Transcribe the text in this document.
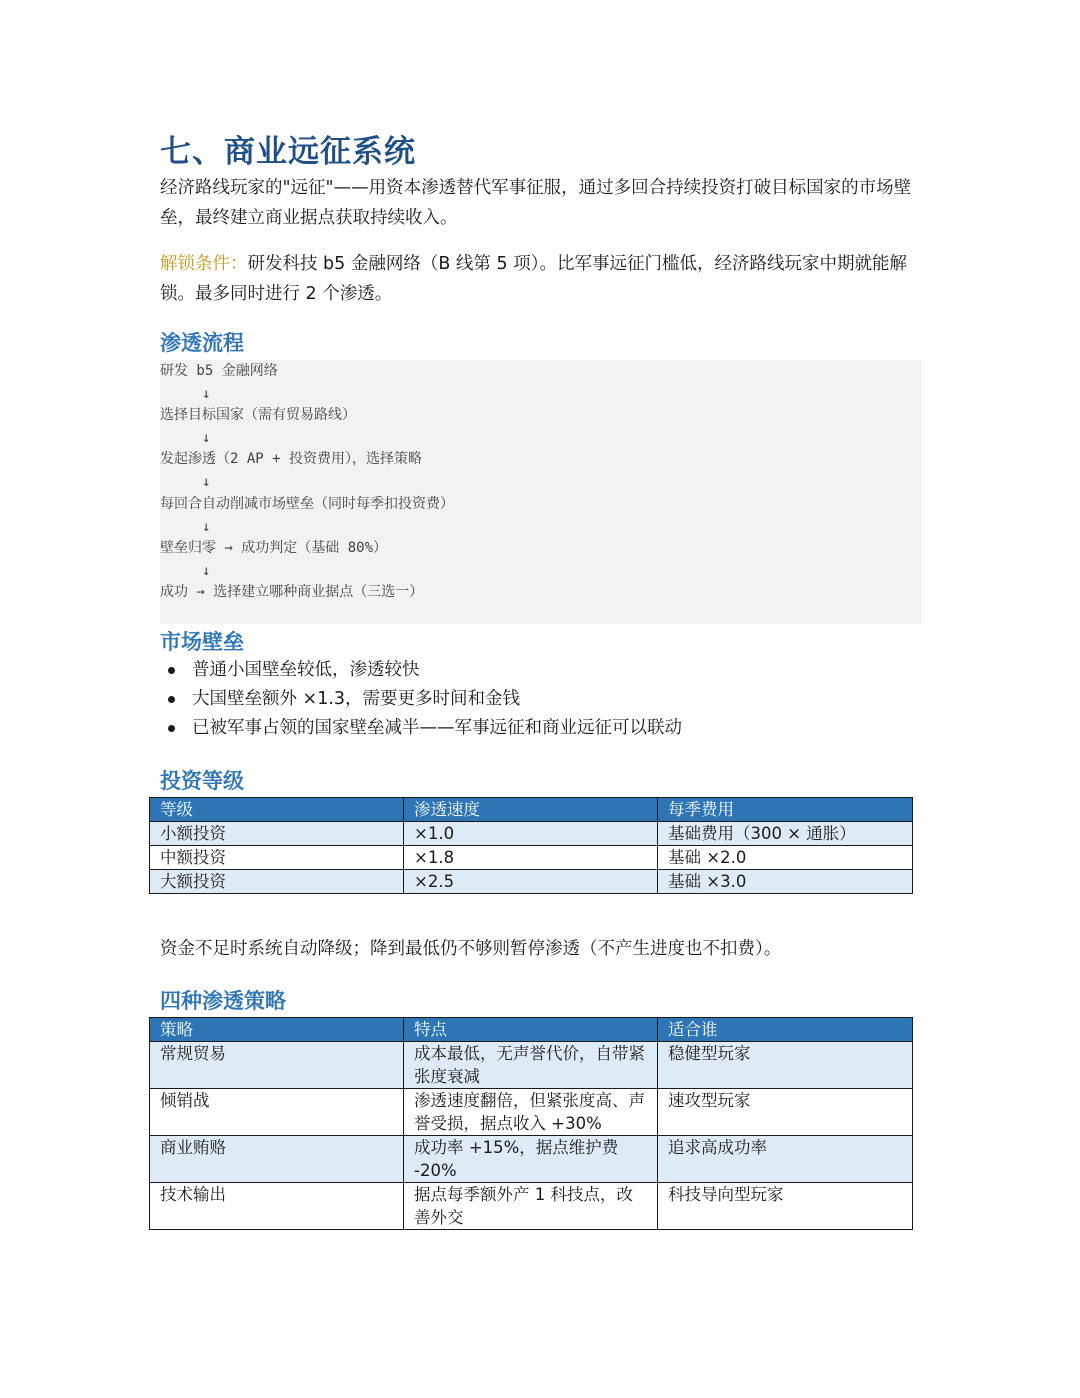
七、商业远征系统

经济路线玩家的"远征"——用资本渗透替代军事征服，通过多回合持续投资打破目标国家的市场壁垒，最终建立商业据点获取持续收入。

解锁条件：研发科技 b5 金融网络（B 线第 5 项）。比军事远征门槛低，经济路线玩家中期就能解锁。最多同时进行 2 个渗透。

渗透流程
研发 b5 金融网络
↓
选择目标国家（需有贸易路线）
↓
发起渗透（2 AP + 投资费用），选择策略
↓
每回合自动削减市场壁垒（同时每季扣投资费）
↓
壁垒归零 → 成功判定（基础 80%）
↓
成功 → 选择建立哪种商业据点（三选一）
市场壁垒
普通小国壁垒较低，渗透较快
大国壁垒额外 ×1.3，需要更多时间和金钱
已被军事占领的国家壁垒减半——军事远征和商业远征可以联动
投资等级
等级	渗透速度	每季费用
小额投资	×1.0	基础费用（300 × 通胀）
中额投资	×1.8	基础 ×2.0
大额投资	×2.5	基础 ×3.0

资金不足时系统自动降级；降到最低仍不够则暂停渗透（不产生进度也不扣费）。

四种渗透策略
策略	特点	适合谁
常规贸易	成本最低，无声誉代价，自带紧张度衰减	稳健型玩家
倾销战	渗透速度翻倍，但紧张度高、声誉受损，据点收入 +30%	速攻型玩家
商业贿赂	成功率 +15%，据点维护费 -20%	追求高成功率
技术输出	据点每季额外产 1 科技点，改善外交	科技导向型玩家
